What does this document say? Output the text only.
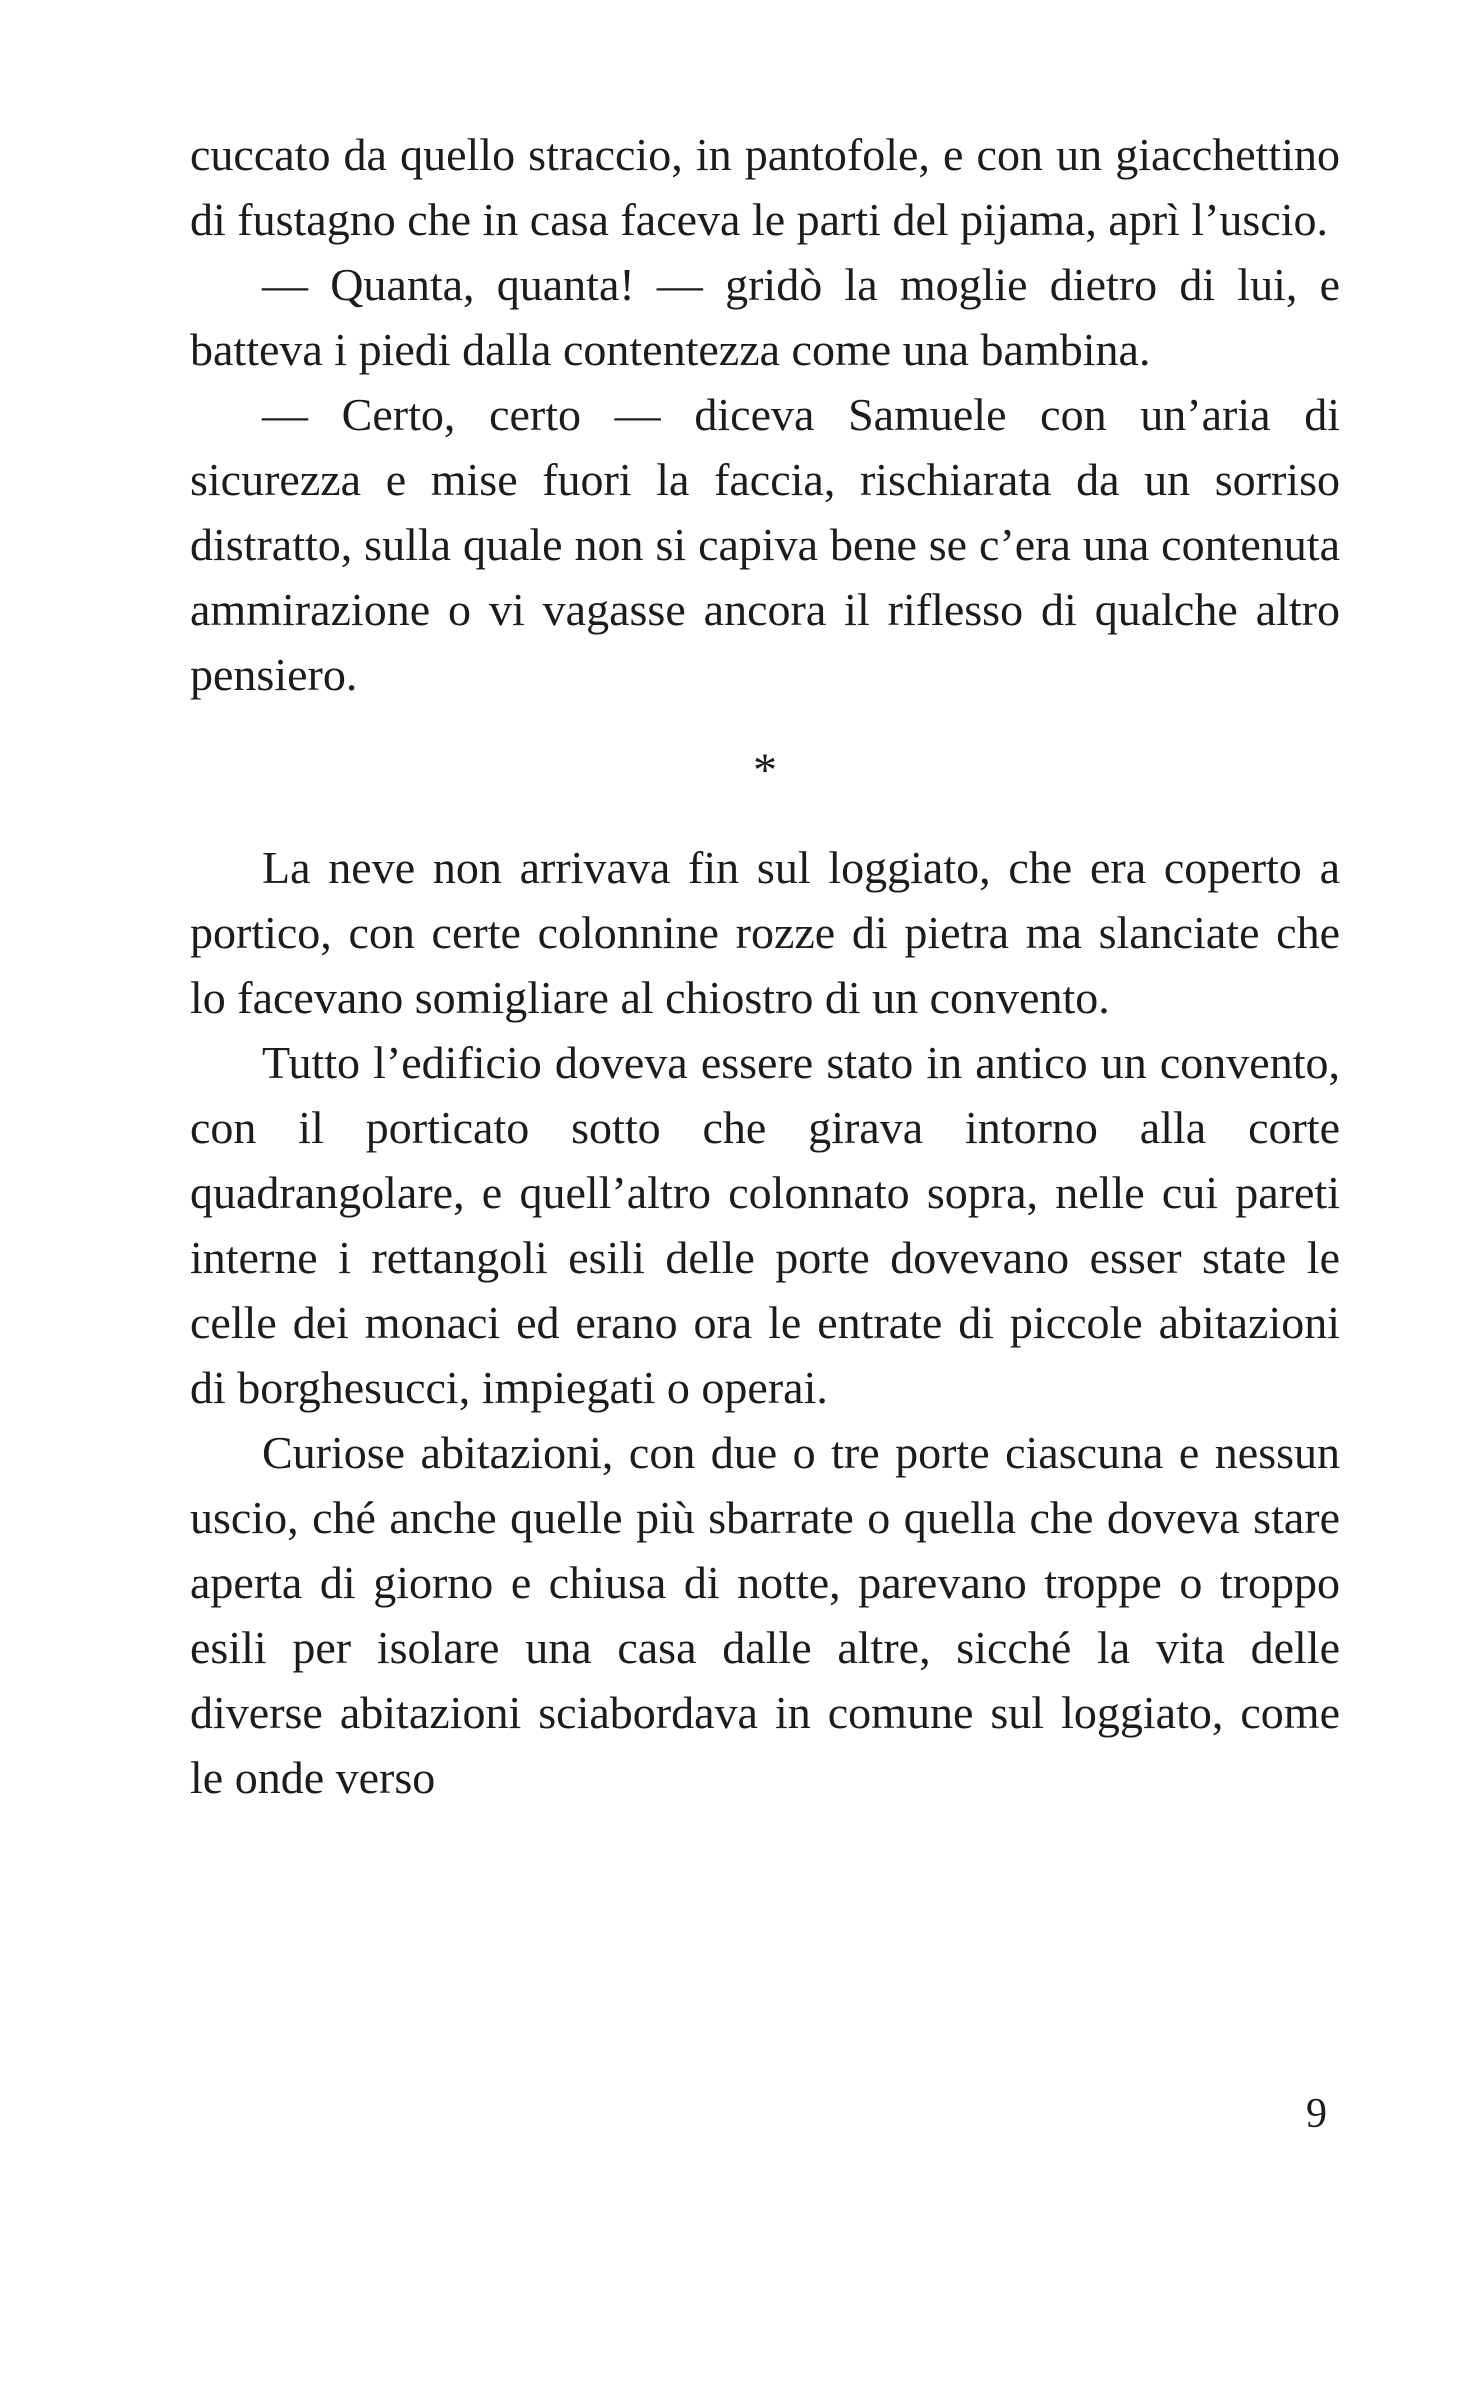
cuccato da quello straccio, in pantofole, e con un giacchettino di fustagno che in casa faceva le parti del pijama, aprì l’uscio.

— Quanta, quanta! — gridò la moglie dietro di lui, e batteva i piedi dalla contentezza come una bambina.

— Certo, certo — diceva Samuele con un’aria di sicurezza e mise fuori la faccia, rischiarata da un sorriso distratto, sulla quale non si capiva bene se c’era una contenuta ammirazione o vi vagasse ancora il riflesso di qualche altro pensiero.

*

La neve non arrivava fin sul loggiato, che era coperto a portico, con certe colonnine rozze di pietra ma slanciate che lo facevano somigliare al chiostro di un convento.

Tutto l’edificio doveva essere stato in antico un convento, con il porticato sotto che girava intorno alla corte quadrangolare, e quell’altro colonnato sopra, nelle cui pareti interne i rettangoli esili delle porte dovevano esser state le celle dei monaci ed erano ora le entrate di piccole abitazioni di borghesucci, impiegati o operai.

Curiose abitazioni, con due o tre porte ciascuna e nessun uscio, ché anche quelle più sbarrate o quella che doveva stare aperta di giorno e chiusa di notte, parevano troppe o troppo esili per isolare una casa dalle altre, sicché la vita delle diverse abitazioni sciabordava in comune sul loggiato, come le onde verso

9
